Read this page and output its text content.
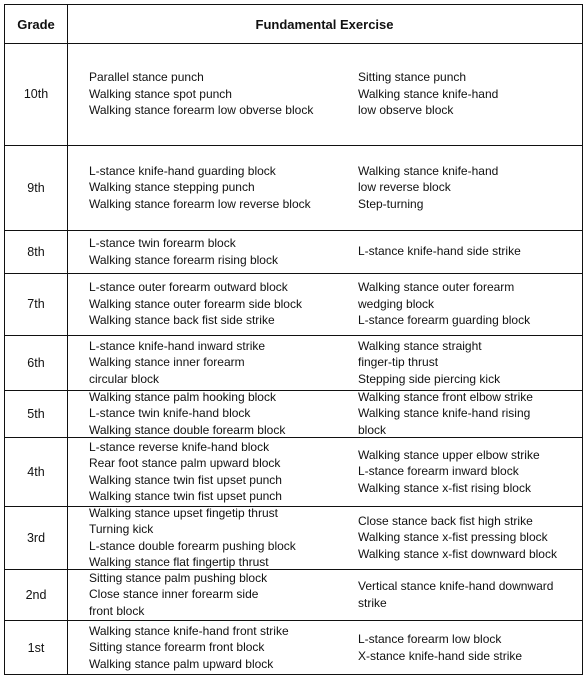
Grade	Fundamental Exercise
10th
Parallel stance punch
Walking stance spot punch
Walking stance forearm low obverse block
Sitting stance punch
Walking stance knife-hand
low observe block
9th
L-stance knife-hand guarding block
Walking stance stepping punch
Walking stance forearm low reverse block
Walking stance knife-hand
low reverse block
Step-turning
8th
L-stance twin forearm block
Walking stance forearm rising block
L-stance knife-hand side strike
7th
L-stance outer forearm outward block
Walking stance outer forearm side block
Walking stance back fist side strike
Walking stance outer forearm
wedging block
L-stance forearm guarding block
6th
L-stance knife-hand inward strike
Walking stance inner forearm
circular block
Walking stance straight
finger-tip thrust
Stepping side piercing kick
5th
Walking stance palm hooking block
L-stance twin knife-hand block
Walking stance double forearm block
Walking stance front elbow strike
Walking stance knife-hand rising
block
4th
L-stance reverse knife-hand block
Rear foot stance palm upward block
Walking stance twin fist upset punch
Walking stance twin fist upset punch
Walking stance upper elbow strike
L-stance forearm inward block
Walking stance x-fist rising block
3rd
Walking stance upset fingetip thrust
Turning kick
L-stance double forearm pushing block
Walking stance flat fingertip thrust
Close stance back fist high strike
Walking stance x-fist pressing block
Walking stance x-fist downward block
2nd
Sitting stance palm pushing block
Close stance inner forearm side
front block
Vertical stance knife-hand downward
strike
1st
Walking stance knife-hand front strike
Sitting stance forearm front block
Walking stance palm upward block
L-stance forearm low block
X-stance knife-hand side strike
